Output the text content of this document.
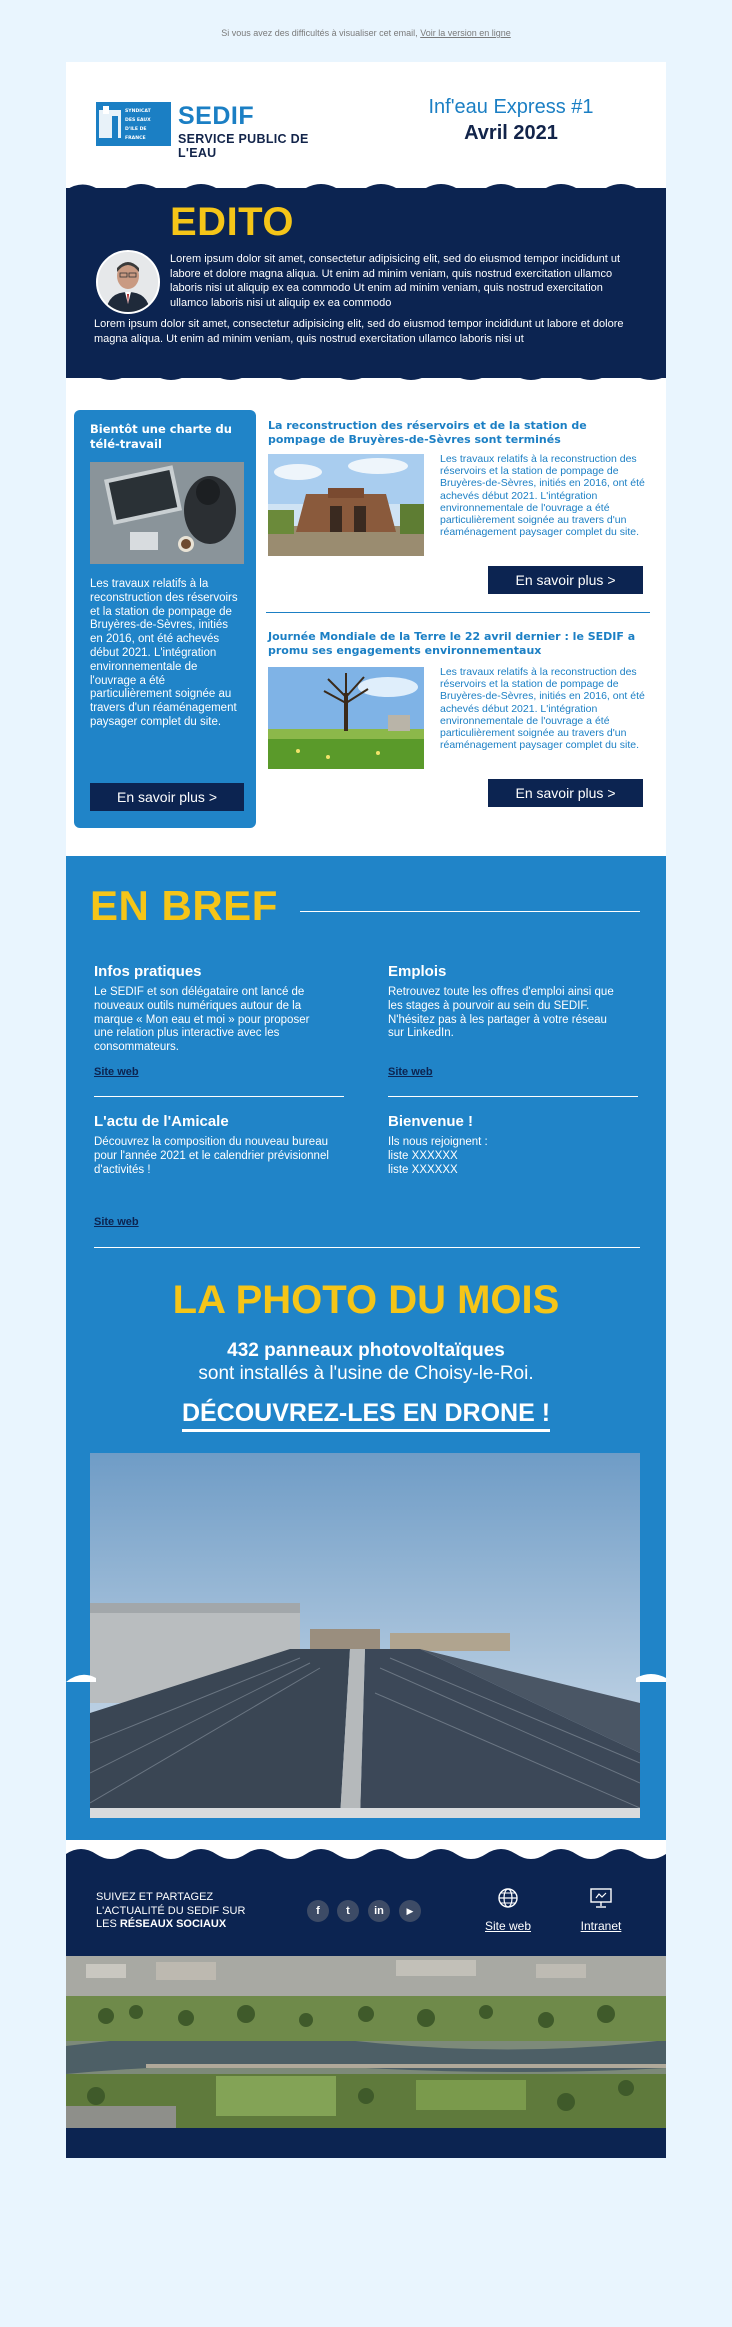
Si vous avez des difficultés à visualiser cet email, Voir la version en ligne
SYNDICAT
DES EAUX
D'ILE DE
FRANCE
SEDIF
SERVICE PUBLIC DE L'EAU
Inf'eau Express #1
Avril 2021
EDITO
Lorem ipsum dolor sit amet, consectetur adipisicing elit, sed do eiusmod tempor incididunt ut labore et dolore magna aliqua. Ut enim ad minim veniam, quis nostrud exercitation ullamco laboris nisi ut aliquip ex ea commodo Ut enim ad minim veniam, quis nostrud exercitation ullamco laboris nisi ut aliquip ex ea commodo
Lorem ipsum dolor sit amet, consectetur adipisicing elit, sed do eiusmod tempor incididunt ut labore et dolore magna aliqua. Ut enim ad minim veniam, quis nostrud exercitation ullamco laboris nisi ut
Bientôt une charte du télé-travail
Les travaux relatifs à la reconstruction des réservoirs et la station de pompage de Bruyères-de-Sèvres, initiés en 2016, ont été achevés début 2021. L'intégration environnementale de l'ouvrage a été particulièrement soignée au travers d'un réaménagement paysager complet du site.
En savoir plus >
La reconstruction des réservoirs et de la station de pompage de Bruyères-de-Sèvres sont terminés
Les travaux relatifs à la reconstruction des réservoirs et la station de pompage de Bruyères-de-Sèvres, initiés en 2016, ont été achevés début 2021. L'intégration environnementale de l'ouvrage a été particulièrement soignée au travers d'un réaménagement paysager complet du site.
En savoir plus >
Journée Mondiale de la Terre le 22 avril dernier : le SEDIF a promu ses engagements environnementaux
Les travaux relatifs à la reconstruction des réservoirs et la station de pompage de Bruyères-de-Sèvres, initiés en 2016, ont été achevés début 2021. L'intégration environnementale de l'ouvrage a été particulièrement soignée au travers d'un réaménagement paysager complet du site.
En savoir plus >
EN BREF
Infos pratiques
Le SEDIF et son délégataire ont lancé de nouveaux outils numériques autour de la marque « Mon eau et moi » pour proposer une relation plus interactive avec les consommateurs.
Site web
Emplois
Retrouvez toute les offres d'emploi ainsi que les stages à pourvoir au sein du SEDIF. N'hésitez pas à les partager à votre réseau sur LinkedIn.
Site web
L'actu de l'Amicale
Découvrez la composition du nouveau bureau pour l'année 2021 et le calendrier prévisionnel d'activités !
Site web
Bienvenue !
Ils nous rejoignent :
liste XXXXXX
liste XXXXXX
LA PHOTO DU MOIS
432 panneaux photovoltaïques
sont installés à l'usine de Choisy-le-Roi.
DÉCOUVREZ-LES EN DRONE !
SUIVEZ ET PARTAGEZ
L'ACTUALITÉ DU SEDIF SUR
LES RÉSEAUX SOCIAUX
f	t	in	▶
Site web	Intranet
